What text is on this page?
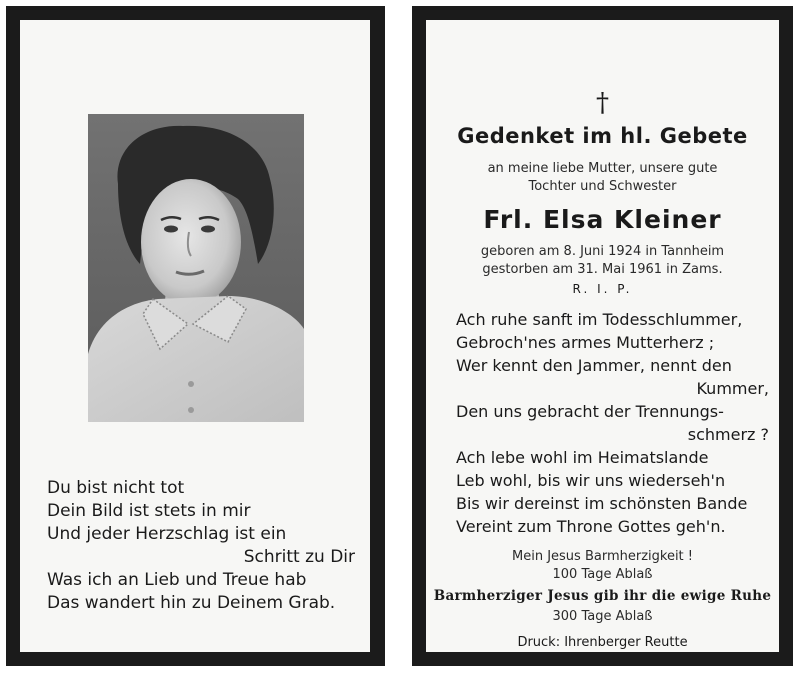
Du bist nicht tot
Dein Bild ist stets in mir
Und jeder Herzschlag ist ein
Schritt zu Dir
Was ich an Lieb und Treue hab
Das wandert hin zu Deinem Grab.
†
Gedenket im hl. Gebete
an meine liebe Mutter, unsere gute
Tochter und Schwester
Frl. Elsa Kleiner
geboren am 8. Juni 1924 in Tannheim
gestorben am 31. Mai 1961 in Zams.
R. I. P.
Ach ruhe sanft im Todesschlummer,
Gebroch'nes armes Mutterherz ;
Wer kennt den Jammer, nennt den
Kummer,
Den uns gebracht der Trennungs-
schmerz ?
Ach lebe wohl im Heimatslande
Leb wohl, bis wir uns wiederseh'n
Bis wir dereinst im schönsten Bande
Vereint zum Throne Gottes geh'n.
Mein Jesus Barmherzigkeit !
100 Tage Ablaß
Barmherziger Jesus gib ihr die ewige Ruhe
300 Tage Ablaß
Druck: Ihrenberger Reutte
